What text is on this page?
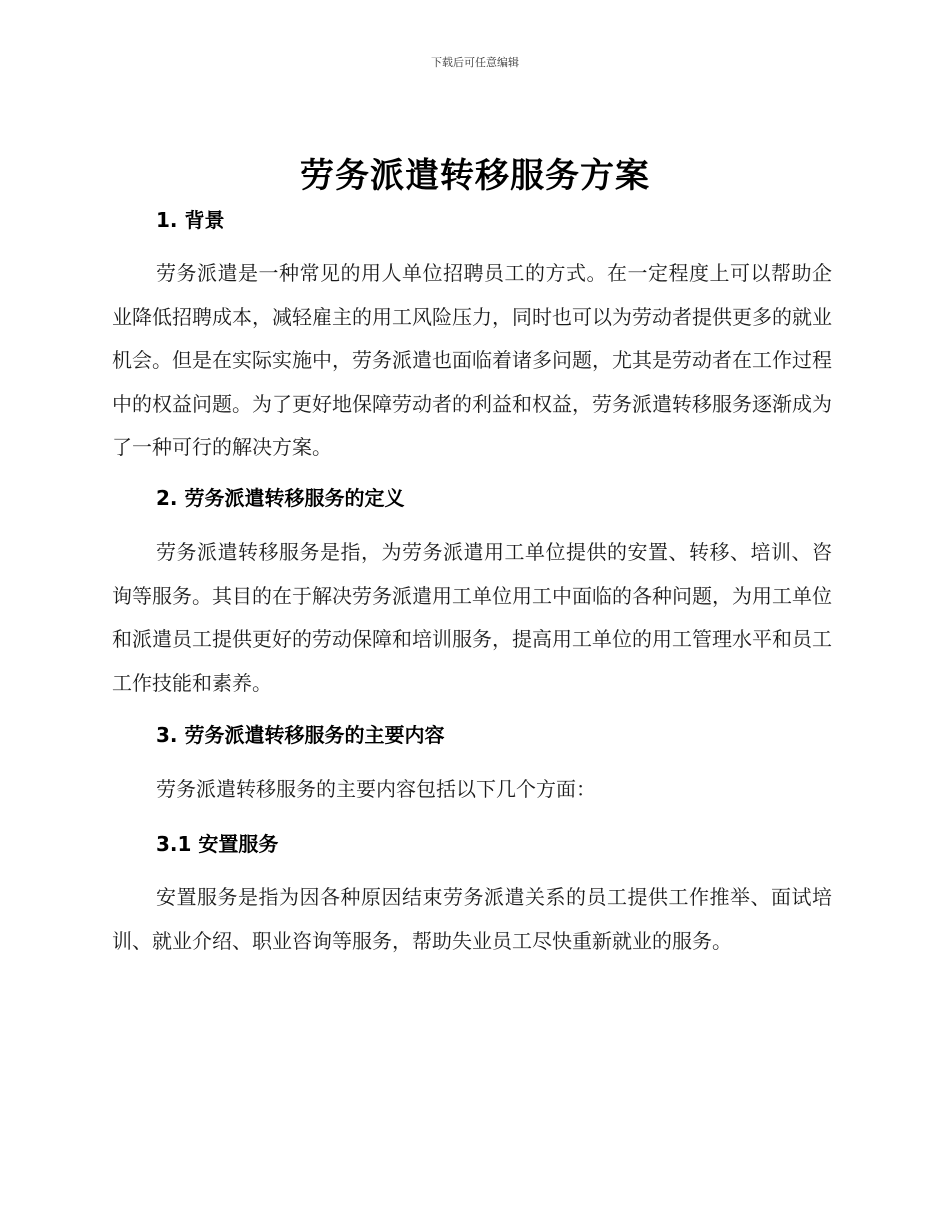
下载后可任意编辑
劳务派遣转移服务方案
1. 背景
劳务派遣是一种常见的用人单位招聘员工的方式。在一定程度上可以帮助企业降低招聘成本，减轻雇主的用工风险压力，同时也可以为劳动者提供更多的就业机会。但是在实际实施中，劳务派遣也面临着诸多问题，尤其是劳动者在工作过程中的权益问题。为了更好地保障劳动者的利益和权益，劳务派遣转移服务逐渐成为了一种可行的解决方案。
2. 劳务派遣转移服务的定义
劳务派遣转移服务是指，为劳务派遣用工单位提供的安置、转移、培训、咨询等服务。其目的在于解决劳务派遣用工单位用工中面临的各种问题，为用工单位和派遣员工提供更好的劳动保障和培训服务，提高用工单位的用工管理水平和员工工作技能和素养。
3. 劳务派遣转移服务的主要内容
劳务派遣转移服务的主要内容包括以下几个方面：
3.1 安置服务
安置服务是指为因各种原因结束劳务派遣关系的员工提供工作推举、面试培训、就业介绍、职业咨询等服务，帮助失业员工尽快重新就业的服务。
